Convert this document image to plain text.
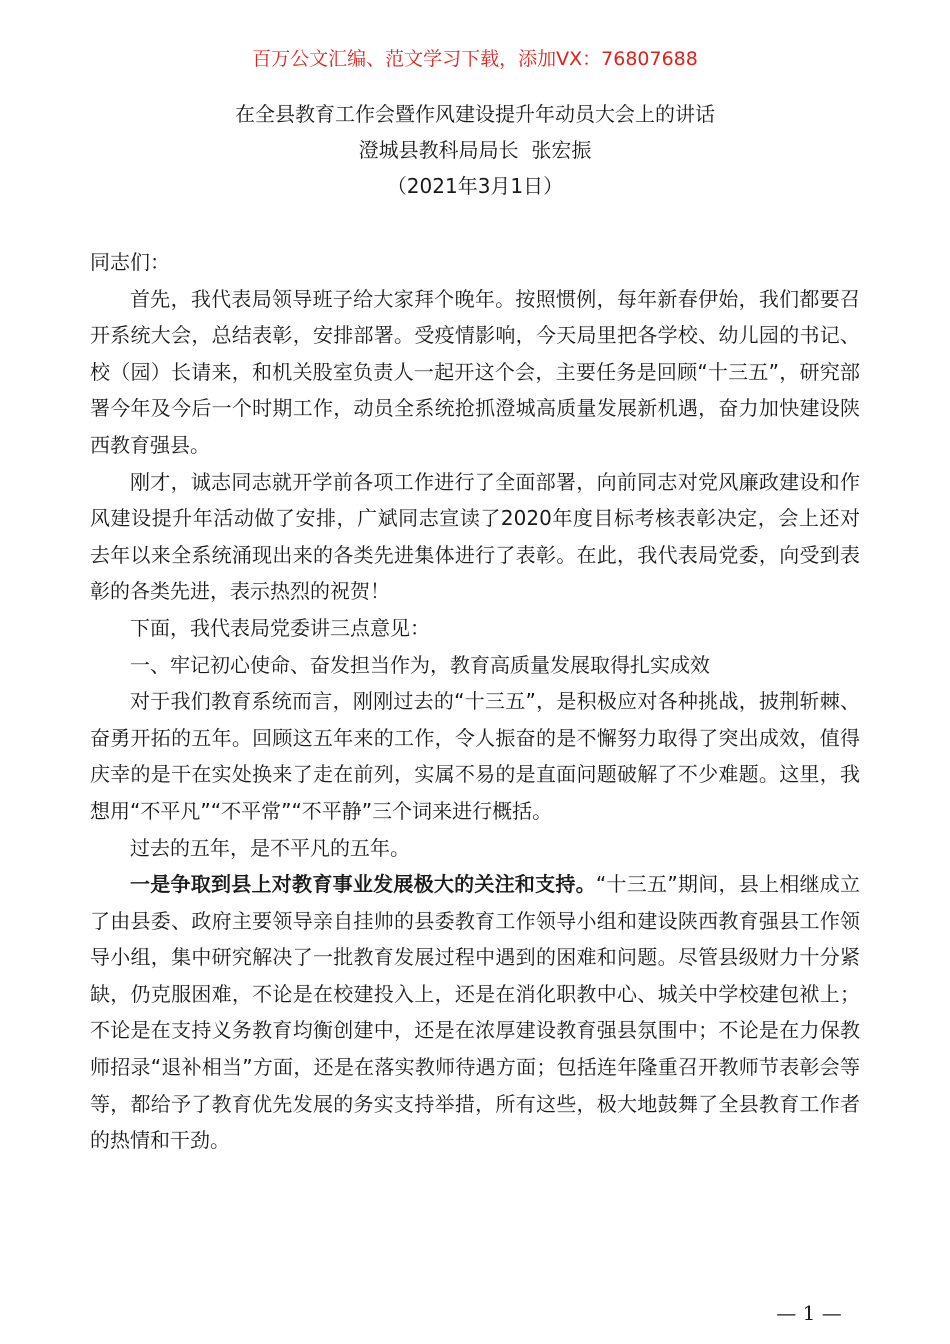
百万公文汇编、范文学习下载，添加VX：76807688
在全县教育工作会暨作风建设提升年动员大会上的讲话
澄城县教科局局长  张宏振
（2021年3月1日）

同志们：

首先，我代表局领导班子给大家拜个晚年。按照惯例，每年新春伊始，我们都要召开系统大会，总结表彰，安排部署。受疫情影响，今天局里把各学校、幼儿园的书记、校（园）长请来，和机关股室负责人一起开这个会，主要任务是回顾“十三五”，研究部署今年及今后一个时期工作，动员全系统抢抓澄城高质量发展新机遇，奋力加快建设陕西教育强县。

刚才，诚志同志就开学前各项工作进行了全面部署，向前同志对党风廉政建设和作风建设提升年活动做了安排，广斌同志宣读了2020年度目标考核表彰决定，会上还对去年以来全系统涌现出来的各类先进集体进行了表彰。在此，我代表局党委，向受到表彰的各类先进，表示热烈的祝贺！

下面，我代表局党委讲三点意见：

一、牢记初心使命、奋发担当作为，教育高质量发展取得扎实成效

对于我们教育系统而言，刚刚过去的“十三五”，是积极应对各种挑战，披荆斩棘、奋勇开拓的五年。回顾这五年来的工作，令人振奋的是不懈努力取得了突出成效，值得庆幸的是干在实处换来了走在前列，实属不易的是直面问题破解了不少难题。这里，我想用“不平凡”“不平常”“不平静”三个词来进行概括。

过去的五年，是不平凡的五年。

一是争取到县上对教育事业发展极大的关注和支持。“十三五”期间，县上相继成立了由县委、政府主要领导亲自挂帅的县委教育工作领导小组和建设陕西教育强县工作领导小组，集中研究解决了一批教育发展过程中遇到的困难和问题。尽管县级财力十分紧缺，仍克服困难，不论是在校建投入上，还是在消化职教中心、城关中学校建包袱上；不论是在支持义务教育均衡创建中，还是在浓厚建设教育强县氛围中；不论是在力保教师招录“退补相当”方面，还是在落实教师待遇方面；包括连年隆重召开教师节表彰会等等，都给予了教育优先发展的务实支持举措，所有这些，极大地鼓舞了全县教育工作者的热情和干劲。

— 1 —
